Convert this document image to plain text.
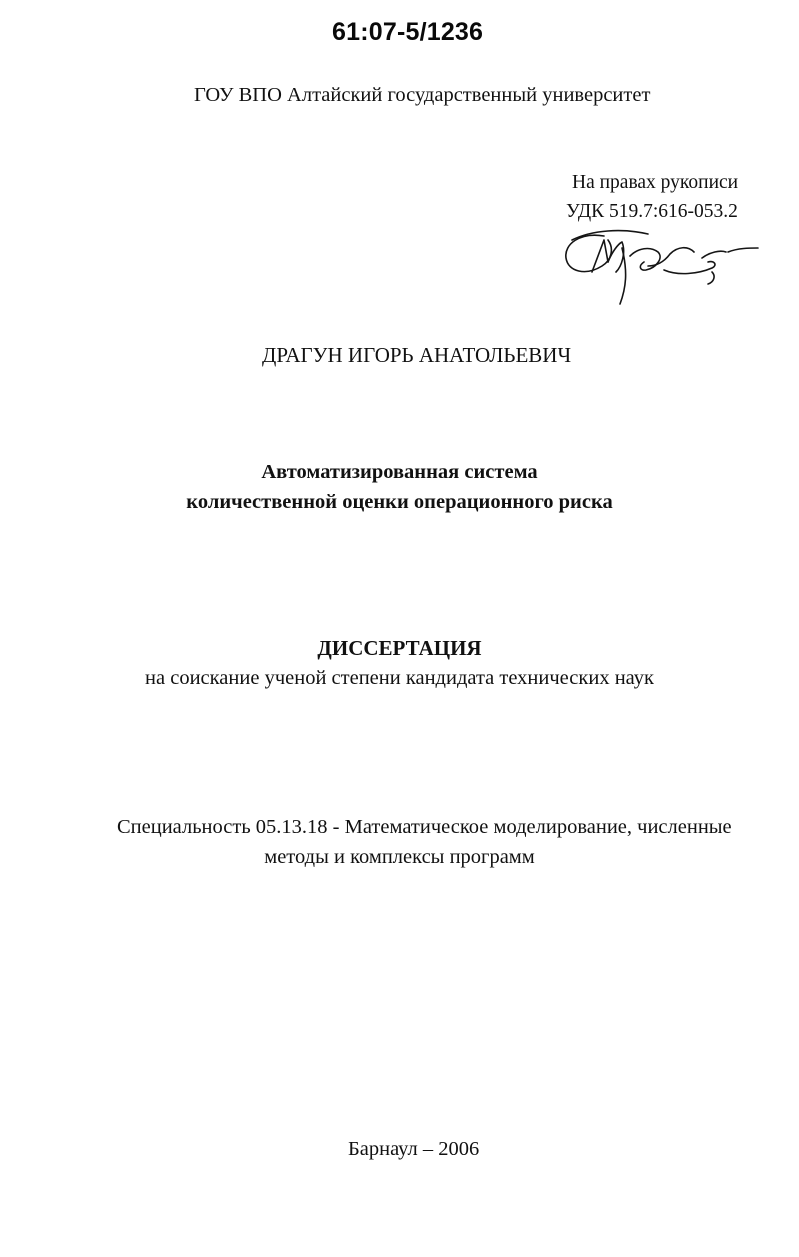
61:07-5/1236

ГОУ ВПО Алтайский государственный университет

На правах рукописи

УДК 519.7:616-053.2

ДРАГУН ИГОРЬ АНАТОЛЬЕВИЧ

Автоматизированная система

количественной оценки операционного риска

ДИССЕРТАЦИЯ

на соискание ученой степени кандидата технических наук

Специальность 05.13.18 - Математическое моделирование, численные

методы и комплексы программ

Барнаул – 2006
